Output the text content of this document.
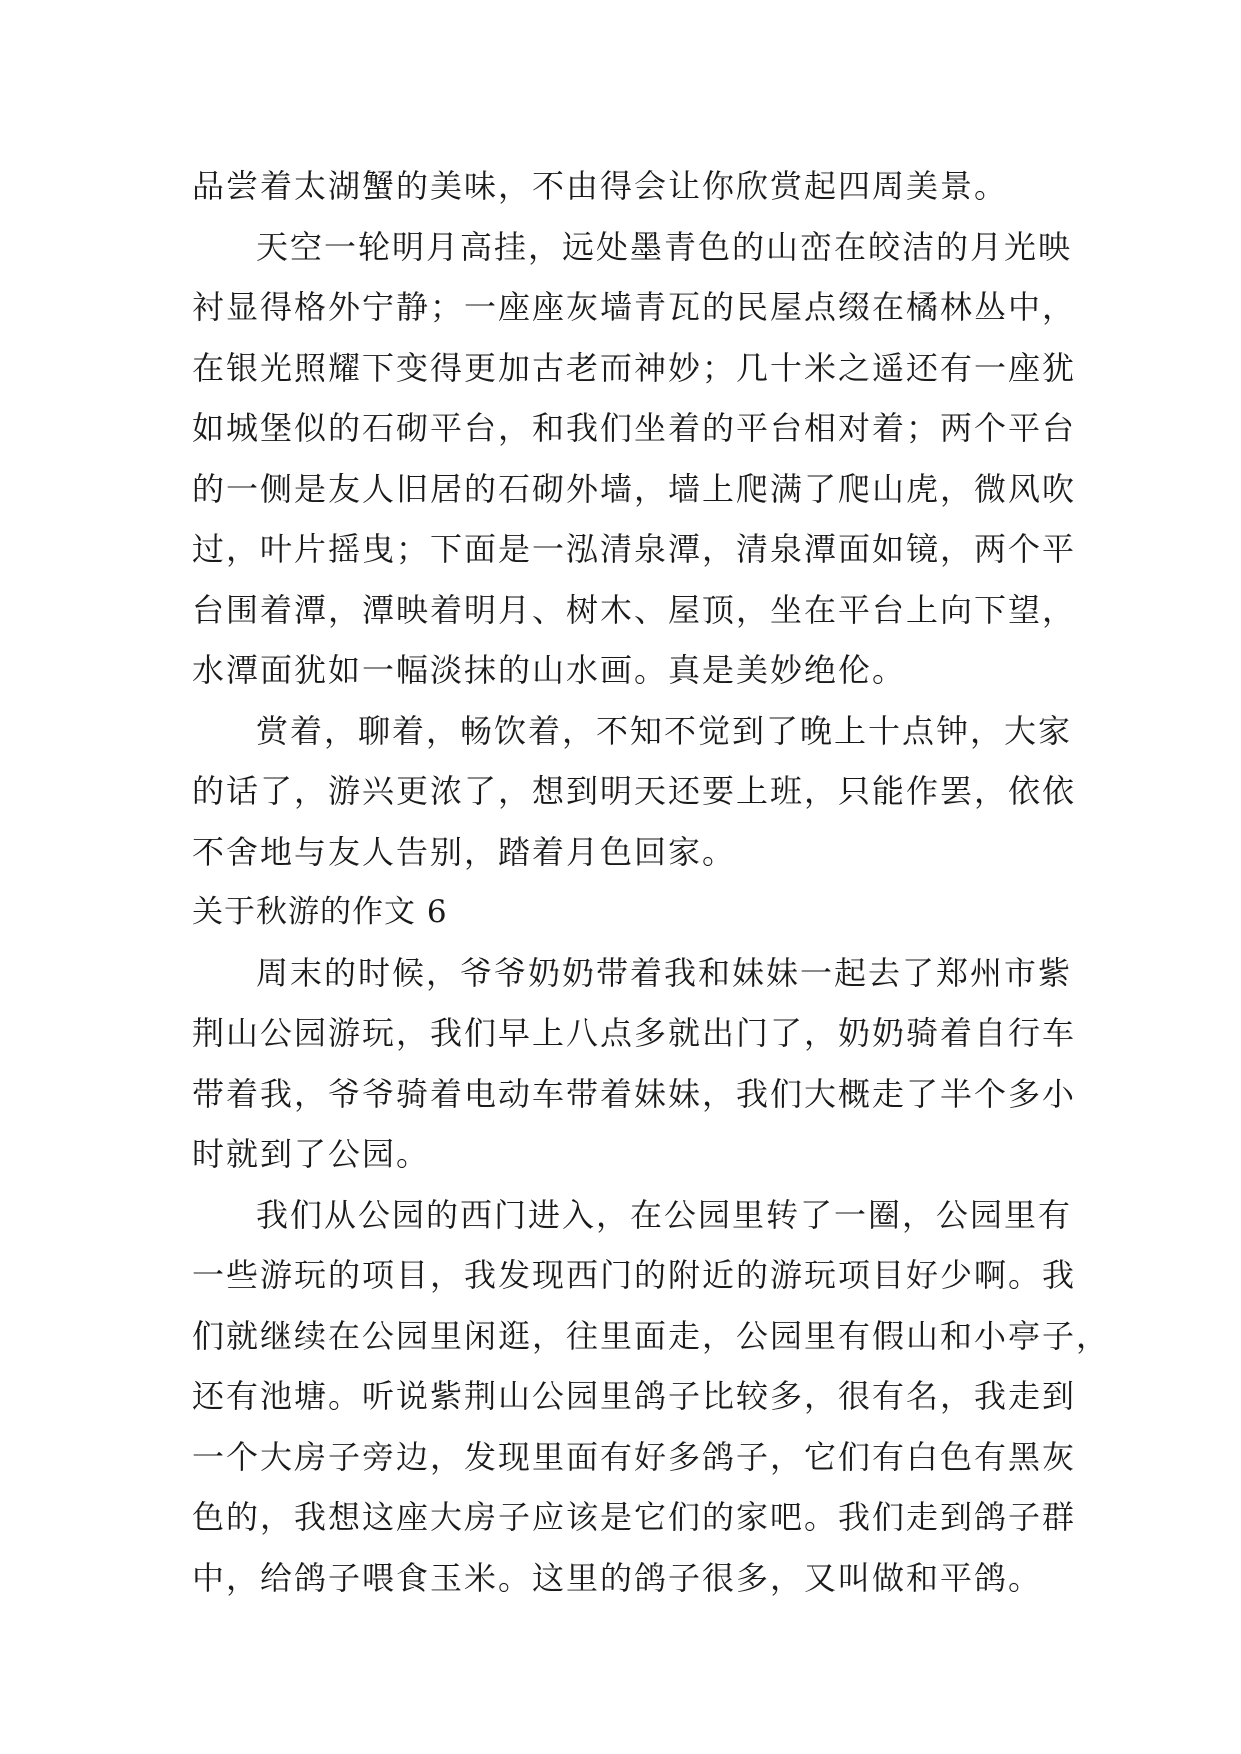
品尝着太湖蟹的美味，不由得会让你欣赏起四周美景。

天空一轮明月高挂，远处墨青色的山峦在皎洁的月光映
衬显得格外宁静；一座座灰墙青瓦的民屋点缀在橘林丛中，
在银光照耀下变得更加古老而神妙；几十米之遥还有一座犹
如城堡似的石砌平台，和我们坐着的平台相对着；两个平台
的一侧是友人旧居的石砌外墙，墙上爬满了爬山虎，微风吹
过，叶片摇曳；下面是一泓清泉潭，清泉潭面如镜，两个平
台围着潭，潭映着明月、树木、屋顶，坐在平台上向下望，
水潭面犹如一幅淡抹的山水画。真是美妙绝伦。

赏着，聊着，畅饮着，不知不觉到了晚上十点钟，大家
的话了，游兴更浓了，想到明天还要上班，只能作罢，依依
不舍地与友人告别，踏着月色回家。

关于秋游的作文 6

周末的时候，爷爷奶奶带着我和妹妹一起去了郑州市紫
荆山公园游玩，我们早上八点多就出门了，奶奶骑着自行车
带着我，爷爷骑着电动车带着妹妹，我们大概走了半个多小
时就到了公园。

我们从公园的西门进入，在公园里转了一圈，公园里有
一些游玩的项目，我发现西门的附近的游玩项目好少啊。我
们就继续在公园里闲逛，往里面走，公园里有假山和小亭子，
还有池塘。听说紫荆山公园里鸽子比较多，很有名，我走到
一个大房子旁边，发现里面有好多鸽子，它们有白色有黑灰
色的，我想这座大房子应该是它们的家吧。我们走到鸽子群
中，给鸽子喂食玉米。这里的鸽子很多，又叫做和平鸽。
